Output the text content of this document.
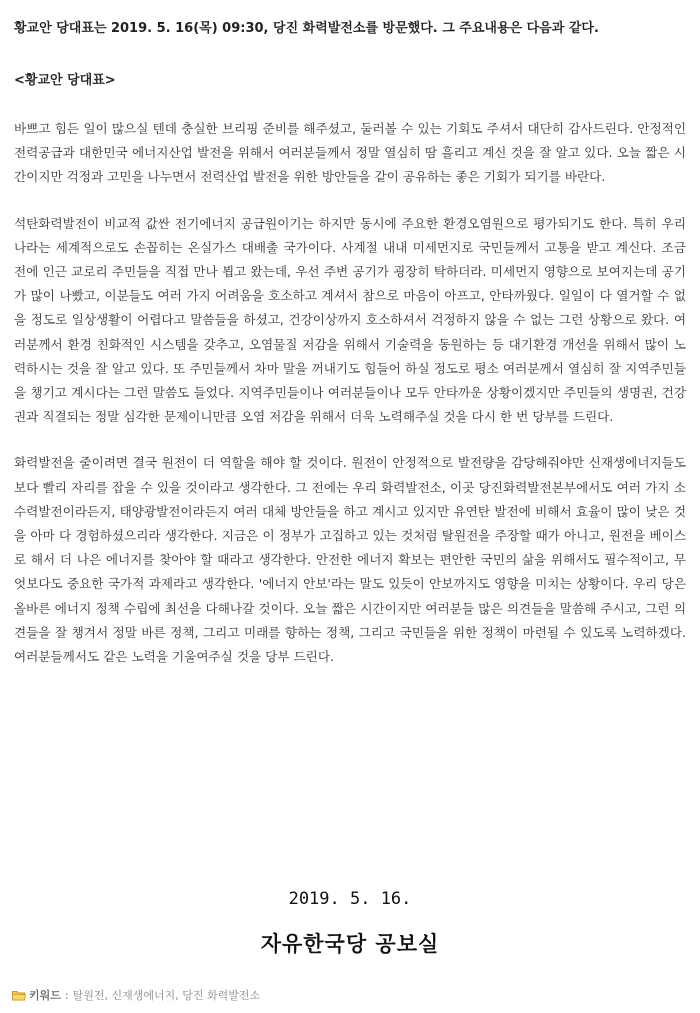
황교안 당대표는 2019. 5. 16(목) 09:30, 당진 화력발전소를 방문했다. 그 주요내용은 다음과 같다.
<황교안 당대표>

바쁘고 힘든 일이 많으실 텐데 충실한 브리핑 준비를 해주셨고, 둘러볼 수 있는 기회도 주셔서 대단히 감사드린다. 안정적인 전력공급과 대한민국 에너지산업 발전을 위해서 여러분들께서 정말 열심히 땀 흘리고 계신 것을 잘 알고 있다. 오늘 짧은 시간이지만 걱정과 고민을 나누면서 전력산업 발전을 위한 방안들을 같이 공유하는 좋은 기회가 되기를 바란다.

석탄화력발전이 비교적 값싼 전기에너지 공급원이기는 하지만 동시에 주요한 환경오염원으로 평가되기도 한다. 특히 우리나라는 세계적으로도 손꼽히는 온실가스 대배출 국가이다. 사계절 내내 미세먼지로 국민들께서 고통을 받고 계신다. 조금 전에 인근 교로리 주민들을 직접 만나 뵙고 왔는데, 우선 주변 공기가 굉장히 탁하더라. 미세먼지 영향으로 보여지는데 공기가 많이 나빴고, 이분들도 여러 가지 어려움을 호소하고 계셔서 참으로 마음이 아프고, 안타까웠다. 일일이 다 열거할 수 없을 정도로 일상생활이 어렵다고 말씀들을 하셨고, 건강이상까지 호소하셔서 걱정하지 않을 수 없는 그런 상황으로 왔다. 여러분께서 환경 친화적인 시스템을 갖추고, 오염물질 저감을 위해서 기술력을 동원하는 등 대기환경 개선을 위해서 많이 노력하시는 것을 잘 알고 있다. 또 주민들께서 차마 말을 꺼내기도 힘들어 하실 정도로 평소 여러분께서 열심히 잘 지역주민들을 챙기고 계시다는 그런 말씀도 들었다. 지역주민들이나 여러분들이나 모두 안타까운 상황이겠지만 주민들의 생명권, 건강권과 직결되는 정말 심각한 문제이니만큼 오염 저감을 위해서 더욱 노력해주실 것을 다시 한 번 당부를 드린다.

화력발전을 줄이려면 결국 원전이 더 역할을 해야 할 것이다. 원전이 안정적으로 발전량을 감당해줘야만 신재생에너지들도 보다 빨리 자리를 잡을 수 있을 것이라고 생각한다. 그 전에는 우리 화력발전소, 이곳 당진화력발전본부에서도 여러 가지 소수력발전이라든지, 태양광발전이라든지 여러 대체 방안들을 하고 계시고 있지만 유연탄 발전에 비해서 효율이 많이 낮은 것을 아마 다 경험하셨으리라 생각한다. 지금은 이 정부가 고집하고 있는 것처럼 탈원전을 주장할 때가 아니고, 원전을 베이스로 해서 더 나은 에너지를 찾아야 할 때라고 생각한다. 안전한 에너지 확보는 편안한 국민의 삶을 위해서도 필수적이고, 무엇보다도 중요한 국가적 과제라고 생각한다. '에너지 안보'라는 말도 있듯이 안보까지도 영향을 미치는 상황이다. 우리 당은 올바른 에너지 정책 수립에 최선을 다해나갈 것이다. 오늘 짧은 시간이지만 여러분들 많은 의견들을 말씀해 주시고, 그런 의견들을 잘 챙겨서 정말 바른 정책, 그리고 미래를 향하는 정책, 그리고 국민들을 위한 정책이 마련될 수 있도록 노력하겠다. 여러분들께서도 같은 노력을 기울여주실 것을 당부 드린다.

2019. 5. 16.
자유한국당 공보실
키워드 : 탈원전, 신재생에너지, 당진 화력발전소
